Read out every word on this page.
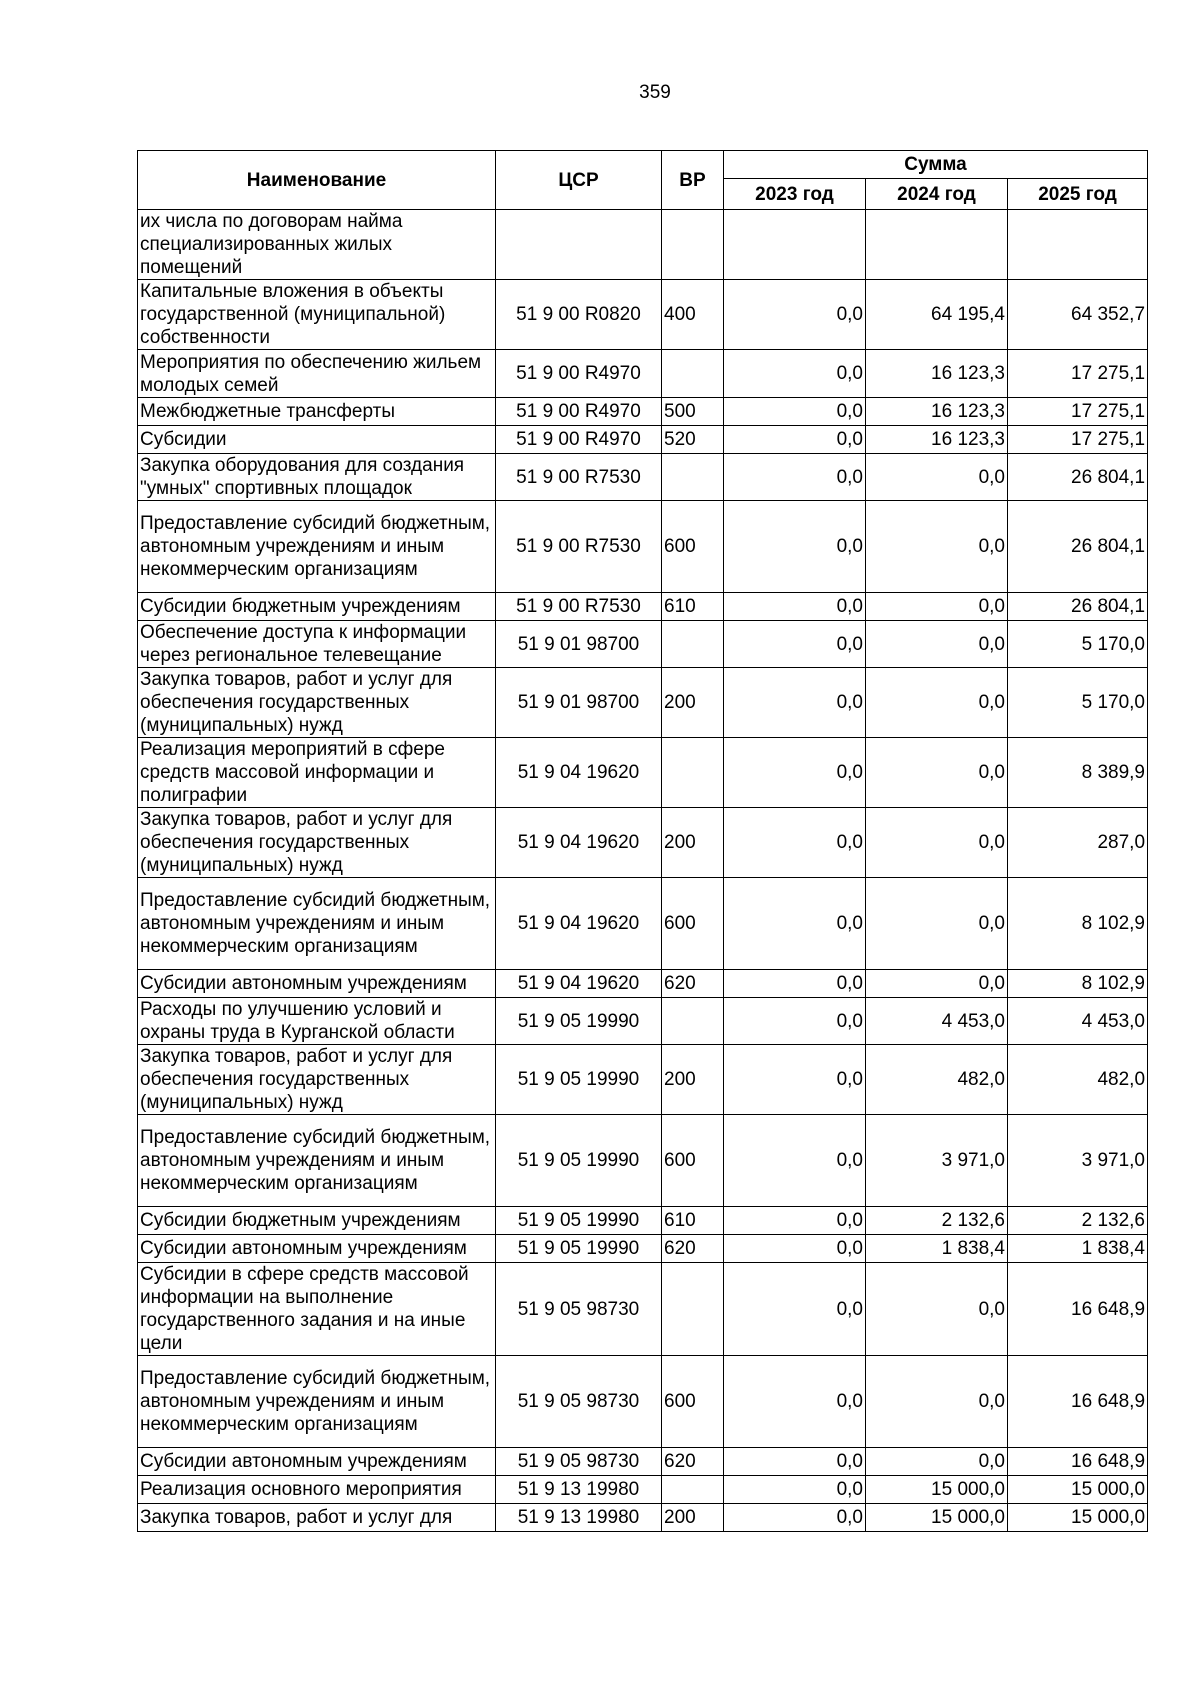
359
Наименование	ЦСР	ВР	Сумма		
			2023 год	2024 год	2025 год
их числа по договорам найма специализированных жилых помещений					
Капитальные вложения в объекты государственной (муниципальной) собственности	51 9 00 R0820	400	0,0	64 195,4	64 352,7
Мероприятия по обеспечению жильем молодых семей	51 9 00 R4970		0,0	16 123,3	17 275,1
Межбюджетные трансферты	51 9 00 R4970	500	0,0	16 123,3	17 275,1
Субсидии	51 9 00 R4970	520	0,0	16 123,3	17 275,1
Закупка оборудования для создания "умных" спортивных площадок	51 9 00 R7530		0,0	0,0	26 804,1
Предоставление субсидий бюджетным, автономным учреждениям и иным некоммерческим организациям	51 9 00 R7530	600	0,0	0,0	26 804,1
Субсидии бюджетным учреждениям	51 9 00 R7530	610	0,0	0,0	26 804,1
Обеспечение доступа к информации через региональное телевещание	51 9 01 98700		0,0	0,0	5 170,0
Закупка товаров, работ и услуг для обеспечения государственных (муниципальных) нужд	51 9 01 98700	200	0,0	0,0	5 170,0
Реализация мероприятий в сфере средств массовой информации и полиграфии	51 9 04 19620		0,0	0,0	8 389,9
Закупка товаров, работ и услуг для обеспечения государственных (муниципальных) нужд	51 9 04 19620	200	0,0	0,0	287,0
Предоставление субсидий бюджетным, автономным учреждениям и иным некоммерческим организациям	51 9 04 19620	600	0,0	0,0	8 102,9
Субсидии автономным учреждениям	51 9 04 19620	620	0,0	0,0	8 102,9
Расходы по улучшению условий и охраны труда в Курганской области	51 9 05 19990		0,0	4 453,0	4 453,0
Закупка товаров, работ и услуг для обеспечения государственных (муниципальных) нужд	51 9 05 19990	200	0,0	482,0	482,0
Предоставление субсидий бюджетным, автономным учреждениям и иным некоммерческим организациям	51 9 05 19990	600	0,0	3 971,0	3 971,0
Субсидии бюджетным учреждениям	51 9 05 19990	610	0,0	2 132,6	2 132,6
Субсидии автономным учреждениям	51 9 05 19990	620	0,0	1 838,4	1 838,4
Субсидии в сфере средств массовой информации на выполнение государственного задания и на иные цели	51 9 05 98730		0,0	0,0	16 648,9
Предоставление субсидий бюджетным, автономным учреждениям и иным некоммерческим организациям	51 9 05 98730	600	0,0	0,0	16 648,9
Субсидии автономным учреждениям	51 9 05 98730	620	0,0	0,0	16 648,9
Реализация основного мероприятия	51 9 13 19980		0,0	15 000,0	15 000,0
Закупка товаров, работ и услуг для	51 9 13 19980	200	0,0	15 000,0	15 000,0
